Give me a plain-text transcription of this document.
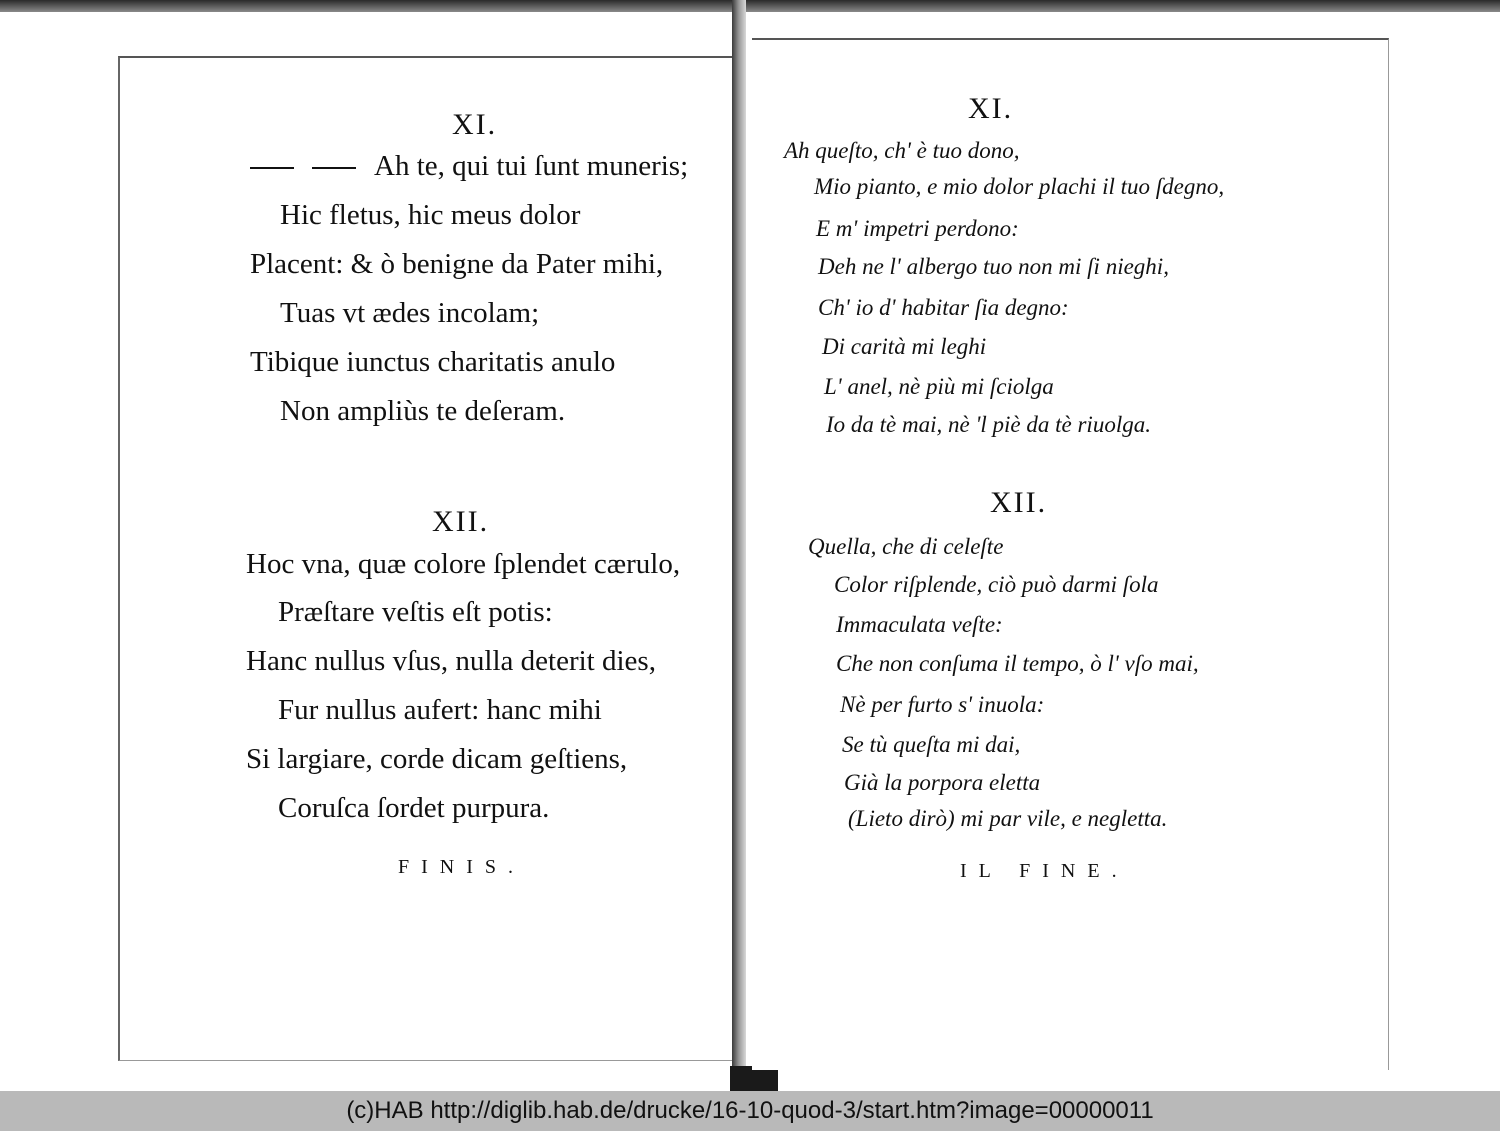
XI.
Ah te, qui tui ſunt muneris;
Hic fletus, hic meus dolor
Placent: & ò benigne da Pater mihi,
Tuas vt ædes incolam;
Tibique iunctus charitatis anulo
Non ampliùs te deſeram.
XII.
Hoc vna, quæ colore ſplendet cærulo,
Præſtare veſtis eſt potis:
Hanc nullus vſus, nulla deterit dies,
Fur nullus aufert: hanc mihi
Si largiare, corde dicam geſtiens,
Coruſca ſordet purpura.
FINIS.
XI.
Ah queſto, ch' è tuo dono,
Mio pianto, e mio dolor plachi il tuo ſdegno,
E m' impetri perdono:
Deh ne l' albergo tuo non mi ſi nieghi,
Ch' io d' habitar ſia degno:
Di carità mi leghi
L' anel, nè più mi ſciolga
Io da tè mai, nè 'l piè da tè riuolga.
XII.
Quella, che di celeſte
Color riſplende, ciò può darmi ſola
Immaculata veſte:
Che non conſuma il tempo, ò l' vſo mai,
Nè per furto s' inuola:
Se tù queſta mi dai,
Già la porpora eletta
(Lieto dirò) mi par vile, e negletta.
IL FINE.
(c)HAB http://diglib.hab.de/drucke/16-10-quod-3/start.htm?image=00000011
